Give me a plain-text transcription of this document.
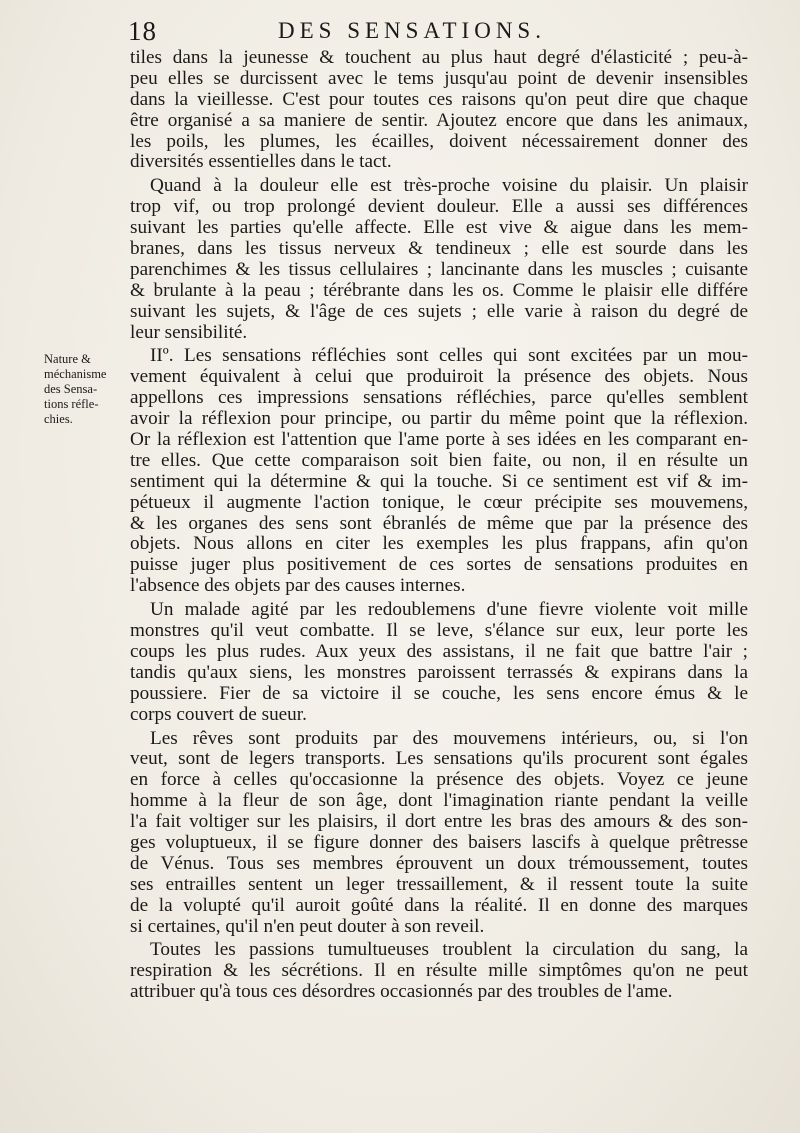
18	DES SENSATIONS.
Nature &
méchanisme
des Sensa-
tions réfle-
chies.
tiles dans la jeunesse & touchent au plus haut degré d'élasticité ; peu-à-
peu elles se durcissent avec le tems jusqu'au point de devenir insensibles
dans la vieillesse. C'est pour toutes ces raisons qu'on peut dire que chaque
être organisé a sa maniere de sentir. Ajoutez encore que dans les animaux,
les poils, les plumes, les écailles, doivent nécessairement donner des
diversités essentielles dans le tact.
Quand à la douleur elle est très-proche voisine du plaisir. Un plaisir
trop vif, ou trop prolongé devient douleur. Elle a aussi ses différences
suivant les parties qu'elle affecte. Elle est vive & aigue dans les mem-
branes, dans les tissus nerveux & tendineux ; elle est sourde dans les
parenchimes & les tissus cellulaires ; lancinante dans les muscles ; cuisante
& brulante à la peau ; térébrante dans les os. Comme le plaisir elle différe
suivant les sujets, & l'âge de ces sujets ; elle varie à raison du degré de
leur sensibilité.
IIº. Les sensations réfléchies sont celles qui sont excitées par un mou-
vement équivalent à celui que produiroit la présence des objets. Nous
appellons ces impressions sensations réfléchies, parce qu'elles semblent
avoir la réflexion pour principe, ou partir du même point que la réflexion.
Or la réflexion est l'attention que l'ame porte à ses idées en les comparant en-
tre elles. Que cette comparaison soit bien faite, ou non, il en résulte un
sentiment qui la détermine & qui la touche. Si ce sentiment est vif & im-
pétueux il augmente l'action tonique, le cœur précipite ses mouvemens,
& les organes des sens sont ébranlés de même que par la présence des
objets. Nous allons en citer les exemples les plus frappans, afin qu'on
puisse juger plus positivement de ces sortes de sensations produites en
l'absence des objets par des causes internes.
Un malade agité par les redoublemens d'une fievre violente voit mille
monstres qu'il veut combatte. Il se leve, s'élance sur eux, leur porte les
coups les plus rudes. Aux yeux des assistans, il ne fait que battre l'air ;
tandis qu'aux siens, les monstres paroissent terrassés & expirans dans la
poussiere. Fier de sa victoire il se couche, les sens encore émus & le
corps couvert de sueur.
Les rêves sont produits par des mouvemens intérieurs, ou, si l'on
veut, sont de legers transports. Les sensations qu'ils procurent sont égales
en force à celles qu'occasionne la présence des objets. Voyez ce jeune
homme à la fleur de son âge, dont l'imagination riante pendant la veille
l'a fait voltiger sur les plaisirs, il dort entre les bras des amours & des son-
ges voluptueux, il se figure donner des baisers lascifs à quelque prêtresse
de Vénus. Tous ses membres éprouvent un doux trémoussement, toutes
ses entrailles sentent un leger tressaillement, & il ressent toute la suite
de la volupté qu'il auroit goûté dans la réalité. Il en donne des marques
si certaines, qu'il n'en peut douter à son reveil.
Toutes les passions tumultueuses troublent la circulation du sang, la
respiration & les sécrétions. Il en résulte mille simptômes qu'on ne peut
attribuer qu'à tous ces désordres occasionnés par des troubles de l'ame.
